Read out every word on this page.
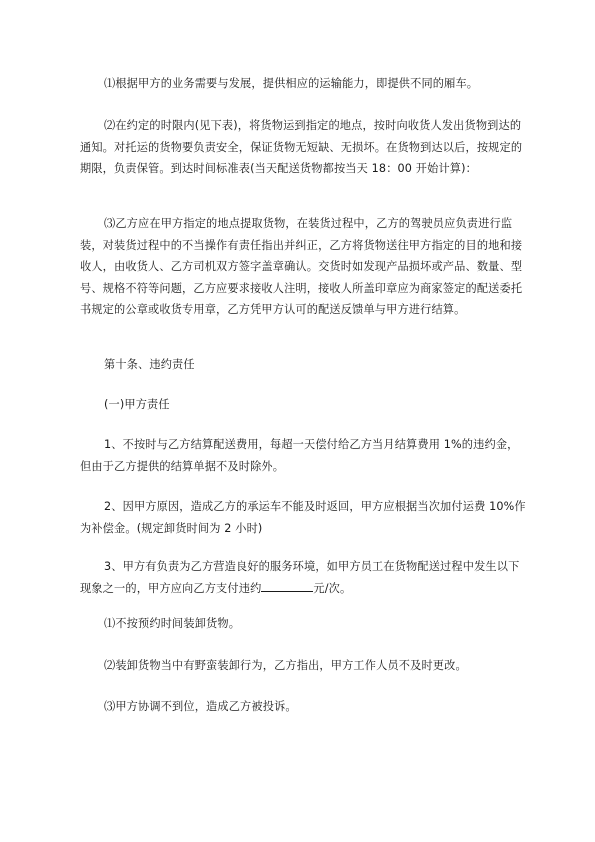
⑴根据甲方的业务需要与发展，提供相应的运输能力，即提供不同的厢车。

⑵在约定的时限内(见下表)，将货物运到指定的地点，按时向收货人发出货物到达的通知。对托运的货物要负责安全，保证货物无短缺、无损坏。在货物到达以后，按规定的期限，负责保管。到达时间标准表(当天配送货物都按当天 18：00 开始计算)：

⑶乙方应在甲方指定的地点提取货物，在装货过程中，乙方的驾驶员应负责进行监装，对装货过程中的不当操作有责任指出并纠正，乙方将货物送往甲方指定的目的地和接收人，由收货人、乙方司机双方签字盖章确认。交货时如发现产品损坏或产品、数量、型号、规格不符等问题，乙方应要求接收人注明，接收人所盖印章应为商家签定的配送委托书规定的公章或收货专用章，乙方凭甲方认可的配送反馈单与甲方进行结算。

第十条、违约责任

(一)甲方责任

1、不按时与乙方结算配送费用，每超一天偿付给乙方当月结算费用 1%的违约金，但由于乙方提供的结算单据不及时除外。

2、因甲方原因，造成乙方的承运车不能及时返回，甲方应根据当次加付运费 10%作为补偿金。(规定卸货时间为 2 小时)

3、甲方有负责为乙方营造良好的服务环境，如甲方员工在货物配送过程中发生以下现象之一的，甲方应向乙方支付违约	元/次。

⑴不按预约时间装卸货物。

⑵装卸货物当中有野蛮装卸行为，乙方指出，甲方工作人员不及时更改。

⑶甲方协调不到位，造成乙方被投诉。
